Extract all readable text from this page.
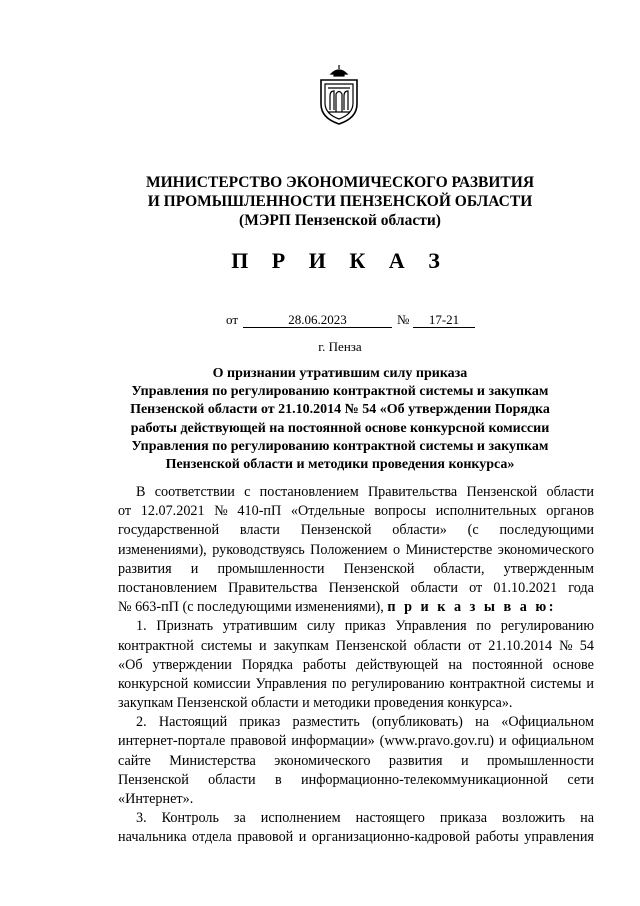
МИНИСТЕРСТВО ЭКОНОМИЧЕСКОГО РАЗВИТИЯ
И ПРОМЫШЛЕННОСТИ ПЕНЗЕНСКОЙ ОБЛАСТИ
(МЭРП Пензенской области)
П Р И К А З
от	28.06.2023	№	17-21
г. Пенза
О признании утратившим силу приказа
Управления по регулированию контрактной системы и закупкам
Пензенской области от 21.10.2014 № 54 «Об утверждении Порядка
работы действующей на постоянной основе конкурсной комиссии
Управления по регулированию контрактной системы и закупкам
Пензенской области и методики проведения конкурса»
В соответствии с постановлением Правительства Пензенской области
от 12.07.2021 № 410-пП «Отдельные вопросы исполнительных органов
государственной власти Пензенской области» (с последующими
изменениями), руководствуясь Положением о Министерстве экономического
развития и промышленности Пензенской области, утвержденным
постановлением Правительства Пензенской области от 01.10.2021 года
№ 663-пП (с последующими изменениями), п р и к а з ы в а ю:
1. Признать утратившим силу приказ Управления по регулированию
контрактной системы и закупкам Пензенской области от 21.10.2014 № 54
«Об утверждении Порядка работы действующей на постоянной основе
конкурсной комиссии Управления по регулированию контрактной системы и
закупкам Пензенской области и методики проведения конкурса».
2. Настоящий приказ разместить (опубликовать) на «Официальном
интернет-портале правовой информации» (www.pravo.gov.ru) и официальном
сайте Министерства экономического развития и промышленности
Пензенской области в информационно-телекоммуникационной сети
«Интернет».
3. Контроль за исполнением настоящего приказа возложить на
начальника отдела правовой и организационно-кадровой работы управления
